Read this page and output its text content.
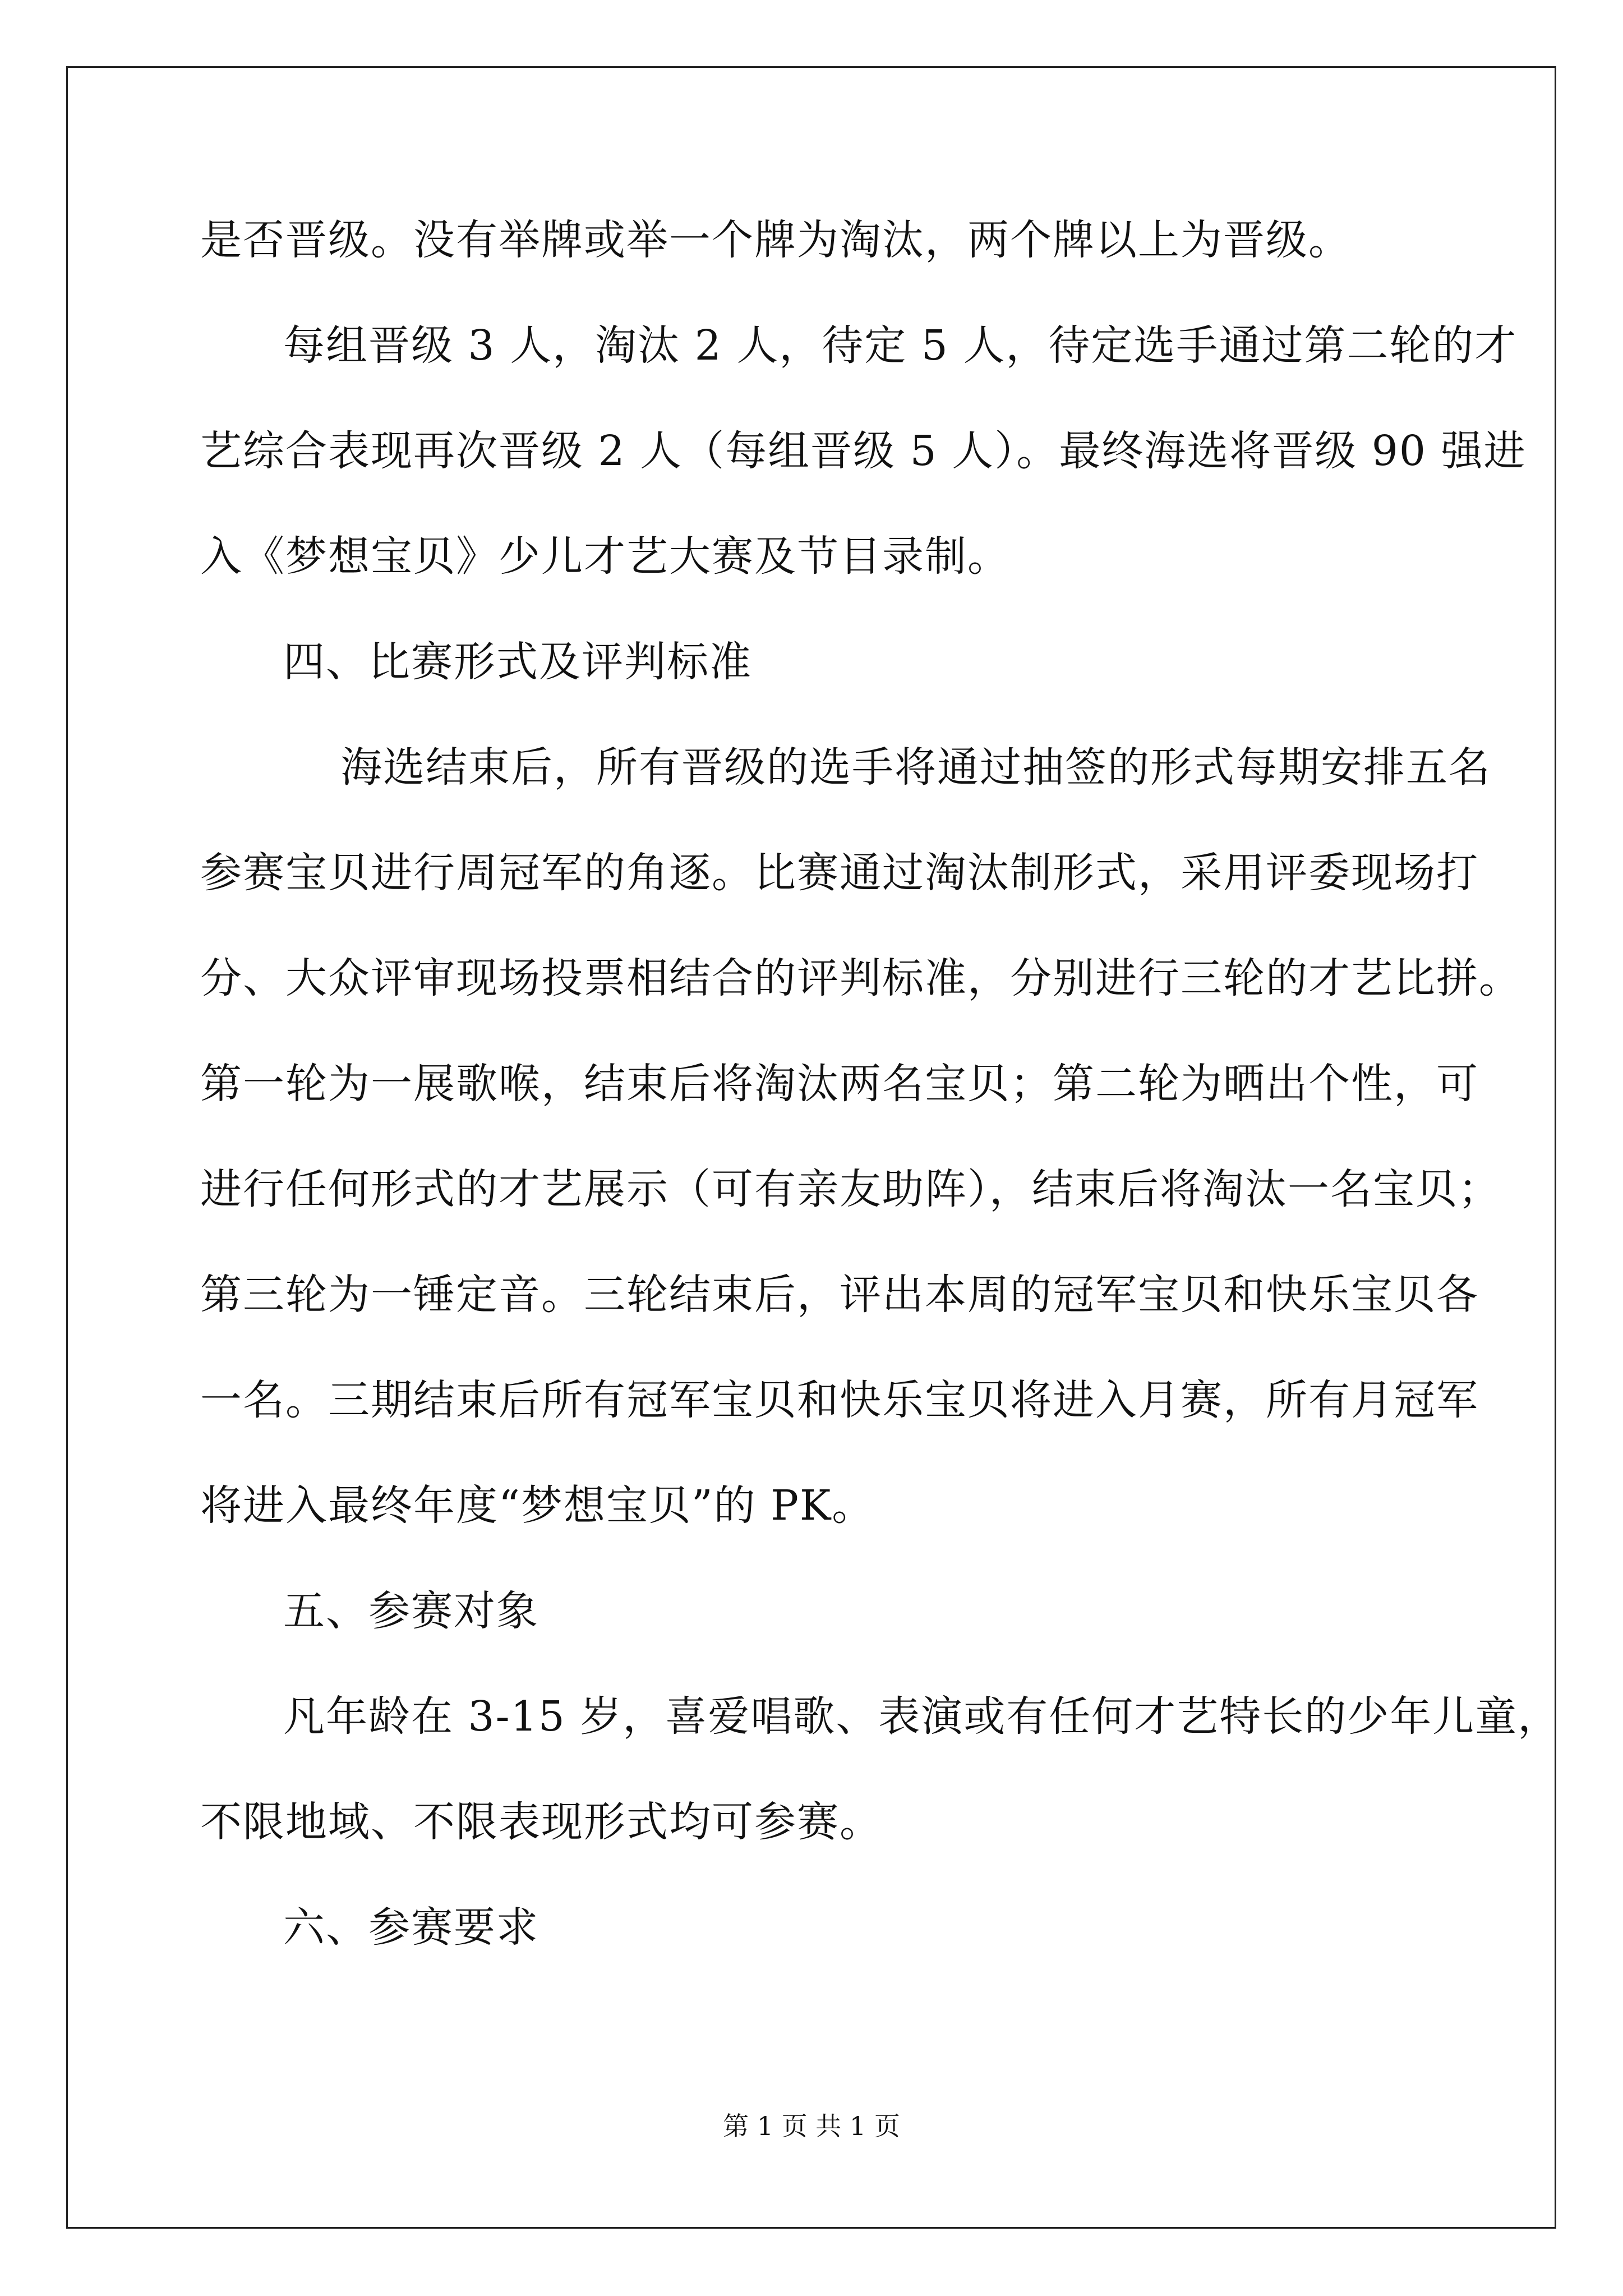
是否晋级。没有举牌或举一个牌为淘汰，两个牌以上为晋级。
每组晋级 3 人，淘汰 2 人，待定 5 人，待定选手通过第二轮的才
艺综合表现再次晋级 2 人（每组晋级 5 人）。最终海选将晋级 90 强进
入《梦想宝贝》少儿才艺大赛及节目录制。
四、比赛形式及评判标准
海选结束后，所有晋级的选手将通过抽签的形式每期安排五名
参赛宝贝进行周冠军的角逐。比赛通过淘汰制形式，采用评委现场打
分、大众评审现场投票相结合的评判标准，分别进行三轮的才艺比拼。
第一轮为一展歌喉，结束后将淘汰两名宝贝；第二轮为晒出个性，可
进行任何形式的才艺展示（可有亲友助阵），结束后将淘汰一名宝贝；
第三轮为一锤定音。三轮结束后，评出本周的冠军宝贝和快乐宝贝各
一名。三期结束后所有冠军宝贝和快乐宝贝将进入月赛，所有月冠军
将进入最终年度“梦想宝贝”的 PK。
五、参赛对象
凡年龄在 3-15 岁，喜爱唱歌、表演或有任何才艺特长的少年儿童，
不限地域、不限表现形式均可参赛。
六、参赛要求
第 1 页 共 1 页
